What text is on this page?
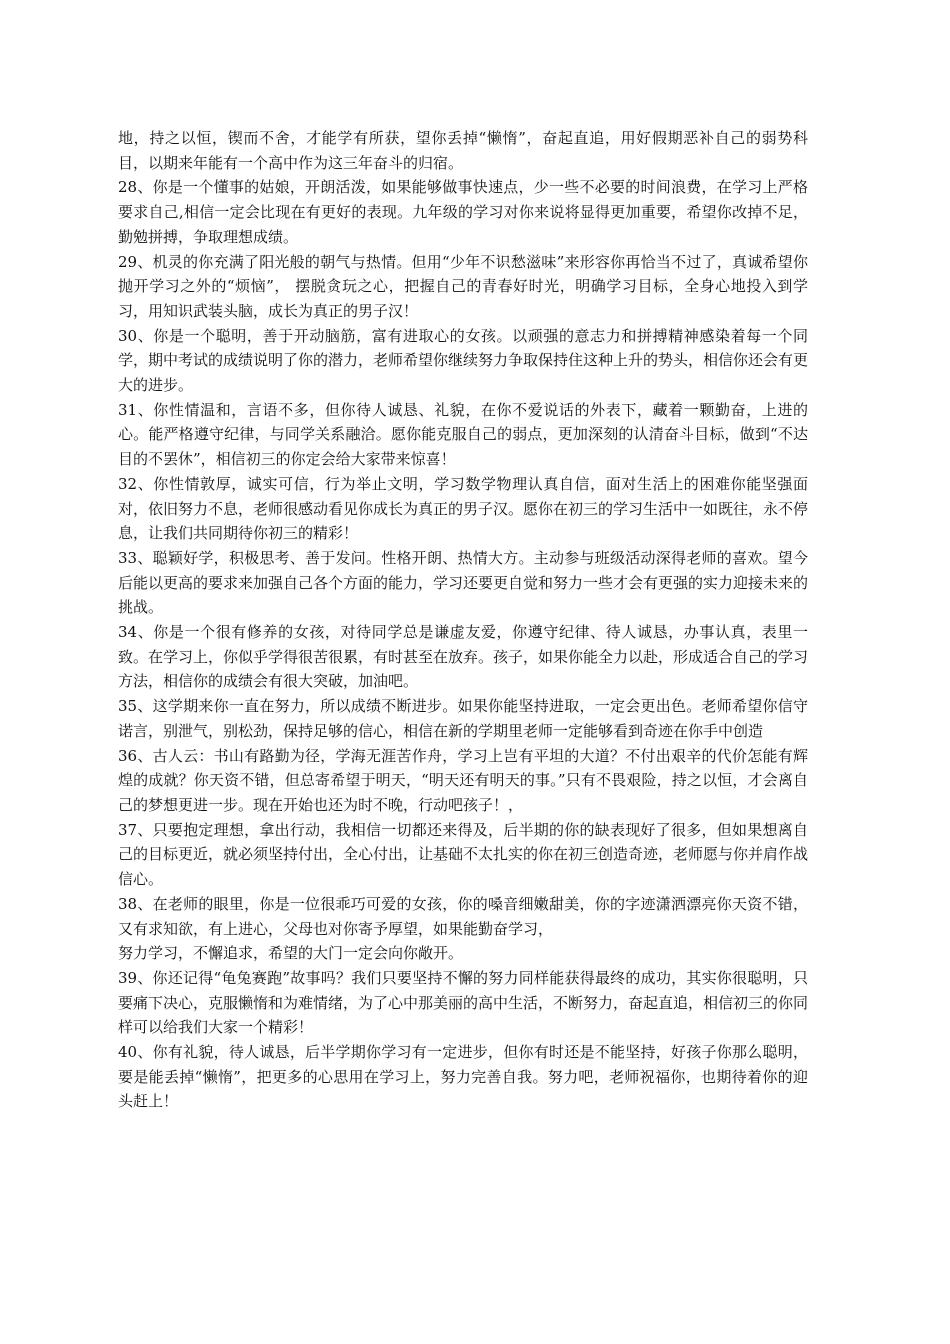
地，持之以恒，锲而不舍，才能学有所获，望你丢掉“懒惰”，奋起直追，用好假期恶补自己的弱势科目，以期来年能有一个高中作为这三年奋斗的归宿。

28、你是一个懂事的姑娘，开朗活泼，如果能够做事快速点，少一些不必要的时间浪费，在学习上严格要求自己,相信一定会比现在有更好的表现。九年级的学习对你来说将显得更加重要，希望你改掉不足，勤勉拼搏，争取理想成绩。

29、机灵的你充满了阳光般的朝气与热情。但用“少年不识愁滋味”来形容你再恰当不过了，真诚希望你抛开学习之外的“烦恼”， 摆脱贪玩之心，把握自己的青春好时光，明确学习目标，全身心地投入到学习，用知识武装头脑，成长为真正的男子汉！

30、你是一个聪明，善于开动脑筋，富有进取心的女孩。以顽强的意志力和拼搏精神感染着每一个同学，期中考试的成绩说明了你的潜力，老师希望你继续努力争取保持住这种上升的势头，相信你还会有更大的进步。

31、你性情温和，言语不多，但你待人诚恳、礼貌，在你不爱说话的外表下，藏着一颗勤奋，上进的心。能严格遵守纪律，与同学关系融洽。愿你能克服自己的弱点，更加深刻的认清奋斗目标，做到“不达目的不罢休”，相信初三的你定会给大家带来惊喜！

32、你性情敦厚，诚实可信，行为举止文明，学习数学物理认真自信，面对生活上的困难你能坚强面对，依旧努力不息，老师很感动看见你成长为真正的男子汉。愿你在初三的学习生活中一如既往，永不停息，让我们共同期待你初三的精彩！

33、聪颖好学，积极思考、善于发问。性格开朗、热情大方。主动参与班级活动深得老师的喜欢。望今后能以更高的要求来加强自己各个方面的能力，学习还要更自觉和努力一些才会有更强的实力迎接未来的挑战。

34、你是一个很有修养的女孩，对待同学总是谦虚友爱，你遵守纪律、待人诚恳，办事认真，表里一致。在学习上，你似乎学得很苦很累，有时甚至在放弃。孩子，如果你能全力以赴，形成适合自己的学习方法，相信你的成绩会有很大突破，加油吧。

35、这学期来你一直在努力，所以成绩不断进步。如果你能坚持进取，一定会更出色。老师希望你信守诺言，别泄气，别松劲，保持足够的信心，相信在新的学期里老师一定能够看到奇迹在你手中创造

36、古人云：书山有路勤为径，学海无涯苦作舟，学习上岂有平坦的大道？不付出艰辛的代价怎能有辉煌的成就？你天资不错，但总寄希望于明天，“明天还有明天的事。”只有不畏艰险，持之以恒，才会离自己的梦想更进一步。现在开始也还为时不晚，行动吧孩子！，

37、只要抱定理想，拿出行动，我相信一切都还来得及，后半期的你的缺表现好了很多，但如果想离自己的目标更近，就必须坚持付出，全心付出，让基础不太扎实的你在初三创造奇迹，老师愿与你并肩作战信心。

38、在老师的眼里，你是一位很乖巧可爱的女孩，你的嗓音细嫩甜美，你的字迹潇洒漂亮你天资不错，又有求知欲，有上进心，父母也对你寄予厚望，如果能勤奋学习，
努力学习，不懈追求，希望的大门一定会向你敞开。

39、你还记得“龟兔赛跑”故事吗？我们只要坚持不懈的努力同样能获得最终的成功，其实你很聪明，只要痛下决心，克服懒惰和为难情绪，为了心中那美丽的高中生活，不断努力，奋起直追，相信初三的你同样可以给我们大家一个精彩！

40、你有礼貌，待人诚恳，后半学期你学习有一定进步，但你有时还是不能坚持，好孩子你那么聪明，要是能丢掉“懒惰”，把更多的心思用在学习上，努力完善自我。努力吧，老师祝福你，也期待着你的迎头赶上！
